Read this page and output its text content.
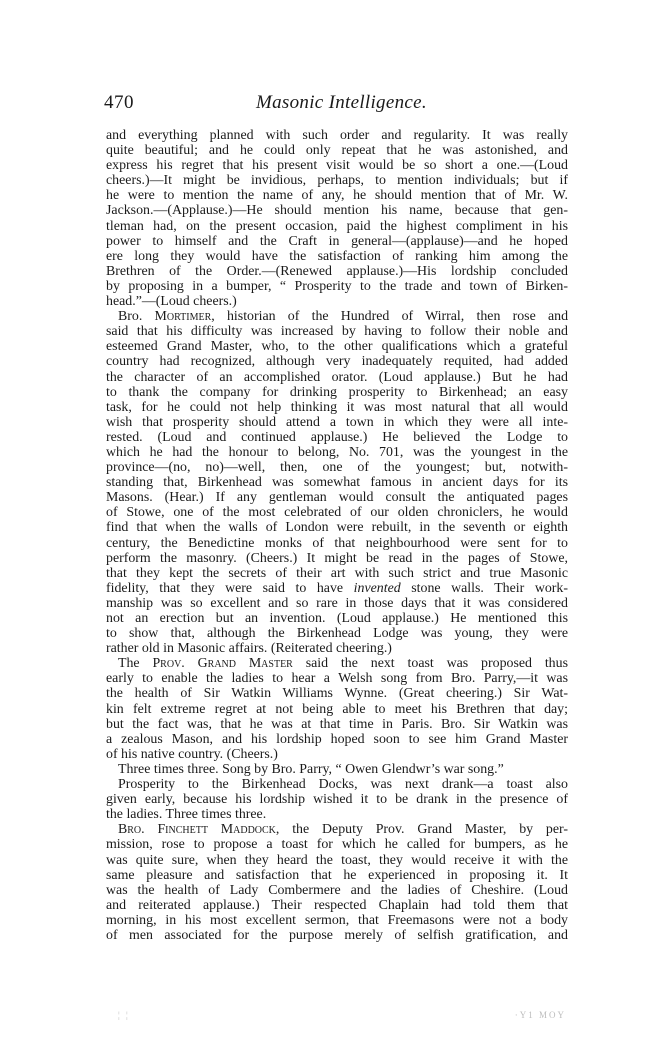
470	Masonic Intelligence.

and everything planned with such order and regularity. It was really
quite beautiful; and he could only repeat that he was astonished, and
express his regret that his present visit would be so short a one.—(Loud
cheers.)—It might be invidious, perhaps, to mention individuals; but if
he were to mention the name of any, he should mention that of Mr. W.
Jackson.—(Applause.)—He should mention his name, because that gen-
tleman had, on the present occasion, paid the highest compliment in his
power to himself and the Craft in general—(applause)—and he hoped
ere long they would have the satisfaction of ranking him among the
Brethren of the Order.—(Renewed applause.)—His lordship concluded
by proposing in a bumper, “ Prosperity to the trade and town of Birken-
head.”—(Loud cheers.)

Bro. Mortimer, historian of the Hundred of Wirral, then rose and
said that his difficulty was increased by having to follow their noble and
esteemed Grand Master, who, to the other qualifications which a grateful
country had recognized, although very inadequately requited, had added
the character of an accomplished orator. (Loud applause.) But he had
to thank the company for drinking prosperity to Birkenhead; an easy
task, for he could not help thinking it was most natural that all would
wish that prosperity should attend a town in which they were all inte-
rested. (Loud and continued applause.) He believed the Lodge to
which he had the honour to belong, No. 701, was the youngest in the
province—(no, no)—well, then, one of the youngest; but, notwith-
standing that, Birkenhead was somewhat famous in ancient days for its
Masons. (Hear.) If any gentleman would consult the antiquated pages
of Stowe, one of the most celebrated of our olden chroniclers, he would
find that when the walls of London were rebuilt, in the seventh or eighth
century, the Benedictine monks of that neighbourhood were sent for to
perform the masonry. (Cheers.) It might be read in the pages of Stowe,
that they kept the secrets of their art with such strict and true Masonic
fidelity, that they were said to have invented stone walls. Their work-
manship was so excellent and so rare in those days that it was considered
not an erection but an invention. (Loud applause.) He mentioned this
to show that, although the Birkenhead Lodge was young, they were
rather old in Masonic affairs. (Reiterated cheering.)

The Prov. Grand Master said the next toast was proposed thus
early to enable the ladies to hear a Welsh song from Bro. Parry,—it was
the health of Sir Watkin Williams Wynne. (Great cheering.) Sir Wat-
kin felt extreme regret at not being able to meet his Brethren that day;
but the fact was, that he was at that time in Paris. Bro. Sir Watkin was
a zealous Mason, and his lordship hoped soon to see him Grand Master
of his native country. (Cheers.)

Three times three. Song by Bro. Parry, “ Owen Glendwr’s war song.”

Prosperity to the Birkenhead Docks, was next drank—a toast also
given early, because his lordship wished it to be drank in the presence of
the ladies. Three times three.

Bro. Finchett Maddock, the Deputy Prov. Grand Master, by per-
mission, rose to propose a toast for which he called for bumpers, as he
was quite sure, when they heard the toast, they would receive it with the
same pleasure and satisfaction that he experienced in proposing it. It
was the health of Lady Combermere and the ladies of Cheshire. (Loud
and reiterated applause.) Their respected Chaplain had told them that
morning, in his most excellent sermon, that Freemasons were not a body
of men associated for the purpose merely of selfish gratification, and

¦ ¦	·Y1 MOY
